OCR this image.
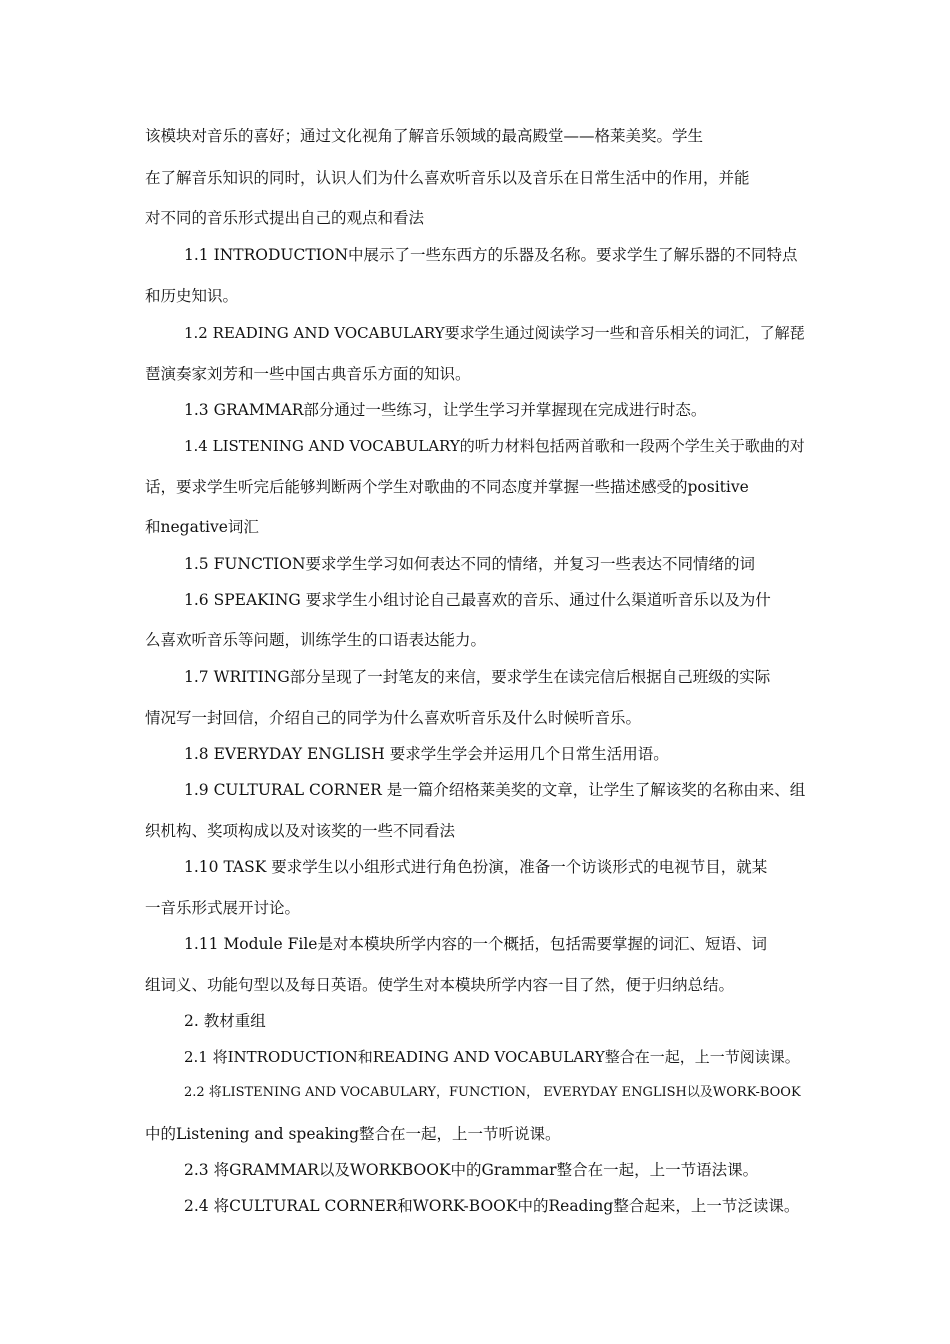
该模块对音乐的喜好；通过文化视角了解音乐领域的最高殿堂——格莱美奖。学生
在了解音乐知识的同时，认识人们为什么喜欢听音乐以及音乐在日常生活中的作用，并能
对不同的音乐形式提出自己的观点和看法
1.1 INTRODUCTION中展示了一些东西方的乐器及名称。要求学生了解乐器的不同特点
和历史知识。
1.2 READING AND VOCABULARY要求学生通过阅读学习一些和音乐相关的词汇，了解琵
琶演奏家刘芳和一些中国古典音乐方面的知识。
1.3 GRAMMAR部分通过一些练习，让学生学习并掌握现在完成进行时态。
1.4 LISTENING AND VOCABULARY的听力材料包括两首歌和一段两个学生关于歌曲的对
话，要求学生听完后能够判断两个学生对歌曲的不同态度并掌握一些描述感受的positive
和negative词汇
1.5 FUNCTION要求学生学习如何表达不同的情绪，并复习一些表达不同情绪的词
1.6 SPEAKING 要求学生小组讨论自己最喜欢的音乐、通过什么渠道听音乐以及为什
么喜欢听音乐等问题，训练学生的口语表达能力。
1.7 WRITING部分呈现了一封笔友的来信，要求学生在读完信后根据自己班级的实际
情况写一封回信，介绍自己的同学为什么喜欢听音乐及什么时候听音乐。
1.8 EVERYDAY ENGLISH 要求学生学会并运用几个日常生活用语。
1.9 CULTURAL CORNER 是一篇介绍格莱美奖的文章，让学生了解该奖的名称由来、组
织机构、奖项构成以及对该奖的一些不同看法
1.10 TASK 要求学生以小组形式进行角色扮演，准备一个访谈形式的电视节目，就某
一音乐形式展开讨论。
1.11 Module File是对本模块所学内容的一个概括，包括需要掌握的词汇、短语、词
组词义、功能句型以及每日英语。使学生对本模块所学内容一目了然，便于归纳总结。
2. 教材重组
2.1 将INTRODUCTION和READING AND VOCABULARY整合在一起，上一节阅读课。
2.2 将LISTENING AND VOCABULARY，FUNCTION， EVERYDAY ENGLISH以及WORK-BOOK
中的Listening and speaking整合在一起，上一节听说课。
2.3 将GRAMMAR以及WORKBOOK中的Grammar整合在一起，上一节语法课。
2.4 将CULTURAL CORNER和WORK-BOOK中的Reading整合起来，上一节泛读课。
